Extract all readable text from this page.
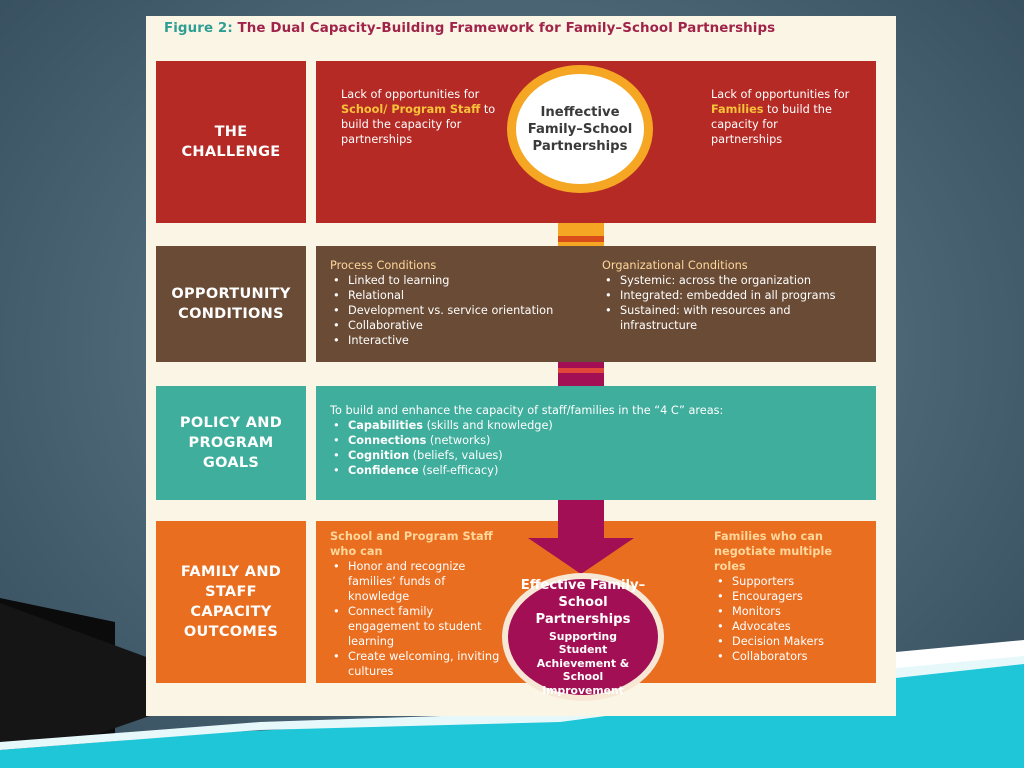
Figure 2: The Dual Capacity-Building Framework for Family–School Partnerships
THE CHALLENGE
Lack of opportunities for School/ Program Staff to build the capacity for partnerships
Lack of opportunities for Families to build the capacity for partnerships
OPPORTUNITY CONDITIONS
Process Conditions
• Linked to learning
• Relational
• Development vs. service orientation
• Collaborative
• Interactive
Organizational Conditions
• Systemic: across the organization
• Integrated: embedded in all programs
• Sustained: with resources and infrastructure
POLICY AND PROGRAM GOALS
To build and enhance the capacity of staff/families in the “4 C” areas:
• Capabilities (skills and knowledge)
• Connections (networks)
• Cognition (beliefs, values)
• Confidence (self-efficacy)
FAMILY AND STAFF CAPACITY OUTCOMES
School and Program Staff who can
• Honor and recognize families’ funds of knowledge
• Connect family engagement to student learning
• Create welcoming, inviting cultures
Families who can negotiate multiple roles
• Supporters
• Encouragers
• Monitors
• Advocates
• Decision Makers
• Collaborators
Ineffective Family–School Partnerships
Effective Family–School Partnerships
Supporting Student Achievement & School Improvement
